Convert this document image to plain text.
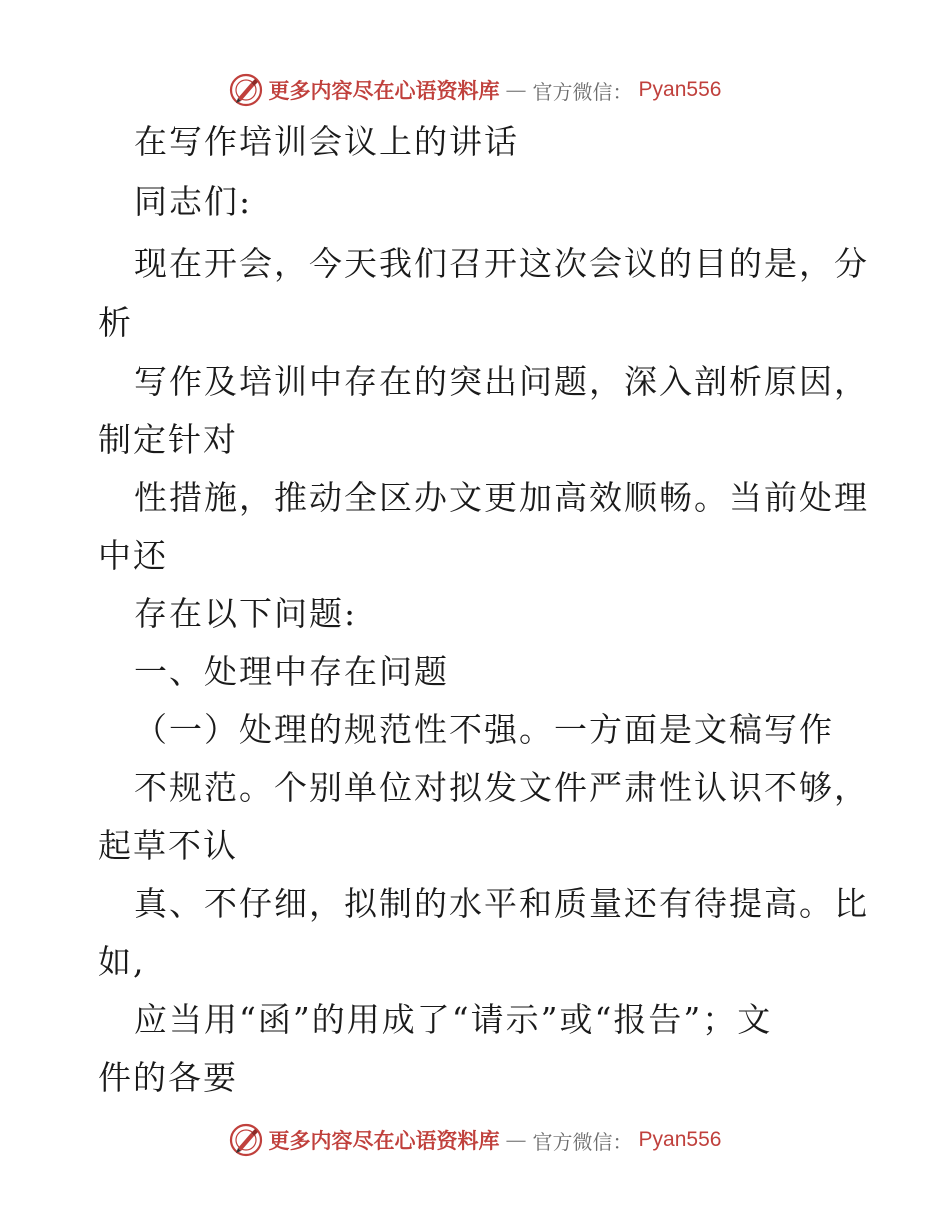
更多内容尽在心语资料库 — 官方微信： Pyan556
在写作培训会议上的讲话
同志们:
现在开会，今天我们召开这次会议的目的是，分
析
写作及培训中存在的突出问题，深入剖析原因，
制定针对
性措施，推动全区办文更加高效顺畅。当前处理
中还
存在以下问题:
一、处理中存在问题
（一）处理的规范性不强。一方面是文稿写作
不规范。个别单位对拟发文件严肃性认识不够，
起草不认
真、不仔细，拟制的水平和质量还有待提高。比
如,
应当用“函”的用成了“请示”或“报告”；文
件的各要
更多内容尽在心语资料库 — 官方微信： Pyan556
